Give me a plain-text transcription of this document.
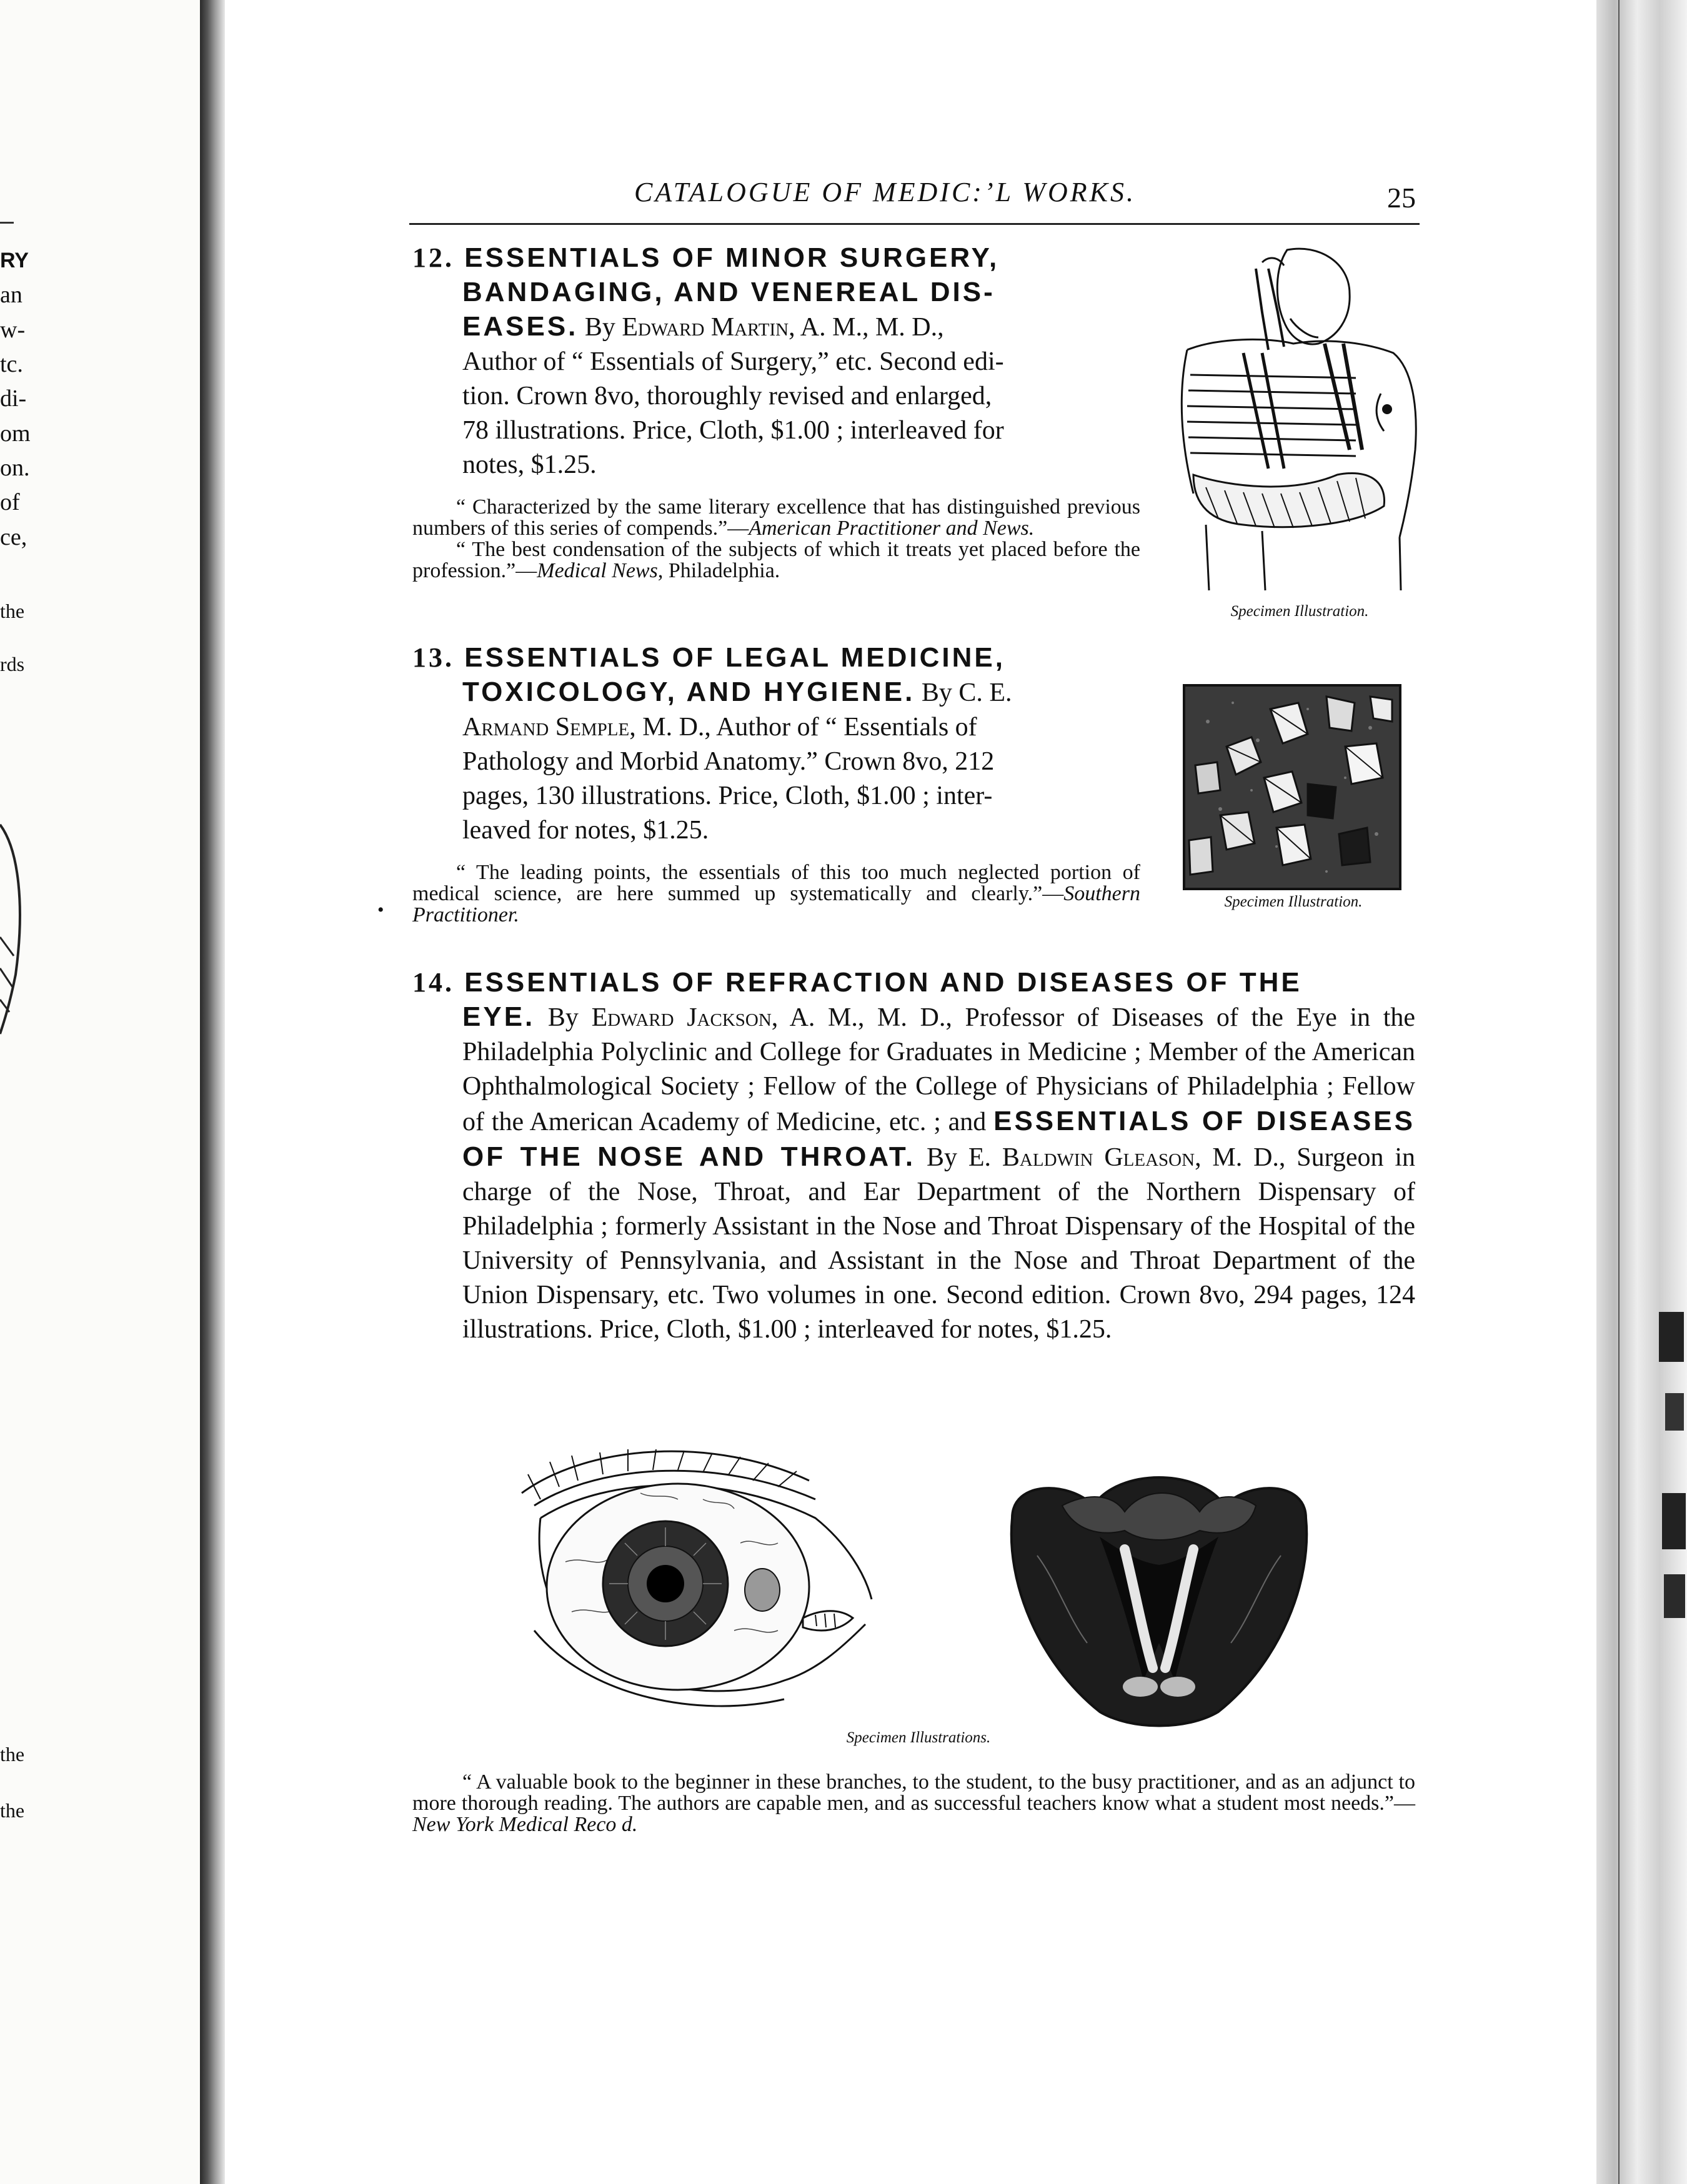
RY
an
w-
tc.
di-
om
on.
of
ce,
the
rds
the
the
CATALOGUE OF MEDIC:’L WORKS.	25
12. ESSENTIALS OF MINOR SURGERY,
BANDAGING, AND VENEREAL DIS-
EASES. By Edward Martin, A. M., M. D.,
Author of “ Essentials of Surgery,” etc. Second edi-
tion. Crown 8vo, thoroughly revised and enlarged,
78 illustrations. Price, Cloth, $1.00 ; interleaved for
notes, $1.25.
“ Characterized by the same literary excellence that has distinguished previous numbers of this series of compends.”—American Practitioner and News.
“ The best condensation of the subjects of which it treats yet placed before the profession.”—Medical News, Philadelphia.
Specimen Illustration.
13. ESSENTIALS OF LEGAL MEDICINE,
TOXICOLOGY, AND HYGIENE. By C. E.
Armand Semple, M. D., Author of “ Essentials of
Pathology and Morbid Anatomy.” Crown 8vo, 212
pages, 130 illustrations. Price, Cloth, $1.00 ; inter-
leaved for notes, $1.25.
“ The leading points, the essentials of this too much neglected portion of medical science, are here summed up systematically and clearly.”—Southern Practitioner.
•	Specimen Illustration.
14. ESSENTIALS OF REFRACTION AND DISEASES OF THE
EYE. By Edward Jackson, A. M., M. D., Professor of Diseases of the Eye in the Philadelphia Polyclinic and College for Graduates in Medicine ; Member of the American Ophthalmological Society ; Fellow of the College of Physicians of Philadelphia ; Fellow of the American Academy of Medicine, etc. ; and ESSENTIALS OF DISEASES OF THE NOSE AND THROAT. By E. Baldwin Gleason, M. D., Surgeon in charge of the Nose, Throat, and Ear Department of the Northern Dispensary of Philadelphia ; formerly Assistant in the Nose and Throat Dispensary of the Hospital of the University of Pennsylvania, and Assistant in the Nose and Throat Department of the Union Dispensary, etc. Two volumes in one. Second edition. Crown 8vo, 294 pages, 124 illustrations. Price, Cloth, $1.00 ; interleaved for notes, $1.25.
Specimen Illustrations.
“ A valuable book to the beginner in these branches, to the student, to the busy practitioner, and as an adjunct to more thorough reading. The authors are capable men, and as successful teachers know what a student most needs.”—New York Medical Reco d.
